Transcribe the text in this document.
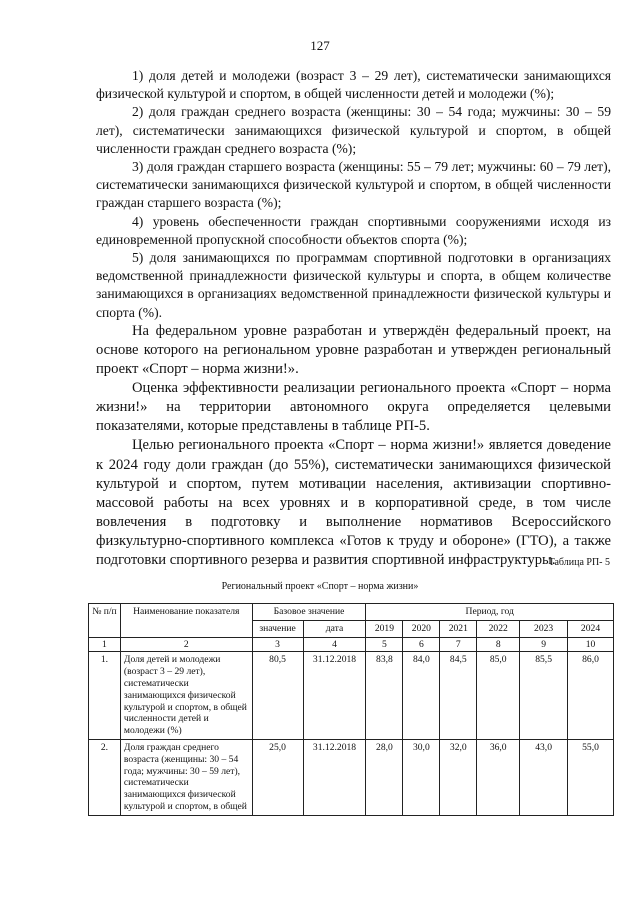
127

1) доля детей и молодежи (возраст 3 – 29 лет), систематически занимающихся физической культурой и спортом, в общей численности детей и молодежи (%);

2) доля граждан среднего возраста (женщины: 30 – 54 года; мужчины: 30 – 59 лет), систематически занимающихся физической культурой и спортом, в общей численности граждан среднего возраста (%);

3) доля граждан старшего возраста (женщины: 55 – 79 лет; мужчины: 60 – 79 лет), систематически занимающихся физической культурой и спортом, в общей численности граждан старшего возраста (%);

4) уровень обеспеченности граждан спортивными сооружениями исходя из единовременной пропускной способности объектов спорта (%);

5) доля занимающихся по программам спортивной подготовки в организациях ведомственной принадлежности физической культуры и спорта, в общем количестве занимающихся в организациях ведомственной принадлежности физической культуры и спорта (%).

На федеральном уровне разработан и утверждён федеральный проект, на основе которого на региональном уровне разработан и утвержден региональный проект «Спорт – норма жизни!».

Оценка эффективности реализации регионального проекта «Спорт – норма жизни!» на территории автономного округа определяется целевыми показателями, которые представлены в таблице РП-5.

Целью регионального проекта «Спорт – норма жизни!» является доведение к 2024 году доли граждан (до 55%), систематически занимающихся физической культурой и спортом, путем мотивации населения, активизации спортивно-массовой работы на всех уровнях и в корпоративной среде, в том числе вовлечения в подготовку и выполнение нормативов Всероссийского физкультурно-спортивного комплекса «Готов к труду и обороне» (ГТО), а также подготовки спортивного резерва и развития спортивной инфраструктуры.

Таблица РП- 5
Региональный проект «Спорт – норма жизни»
№ п/п	Наименование показателя	Базовое значение		Период, год					
		значение	дата	2019	2020	2021	2022	2023	2024
1	2	3	4	5	6	7	8	9	10
1.	Доля детей и молодежи (возраст 3 – 29 лет), систематически занимающихся физической культурой и спортом, в общей численности детей и молодежи (%)	80,5	31.12.2018	83,8	84,0	84,5	85,0	85,5	86,0
2.	Доля граждан среднего возраста (женщины: 30 – 54 года; мужчины: 30 – 59 лет), систематически занимающихся физической культурой и спортом, в общей	25,0	31.12.2018	28,0	30,0	32,0	36,0	43,0	55,0
